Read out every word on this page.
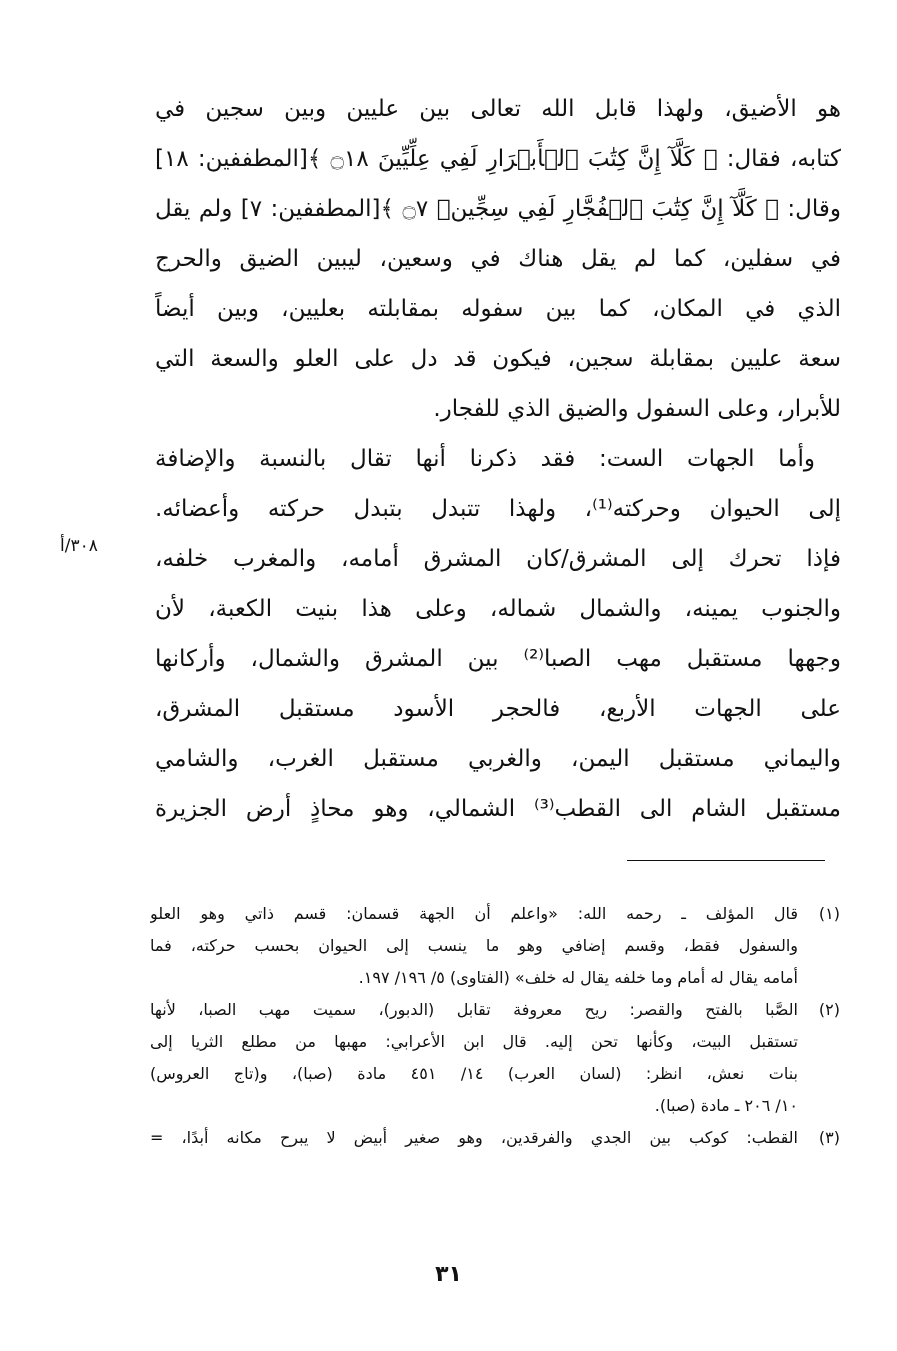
هو الأضيق، ولهذا قابل الله تعالى بين عليين وبين سجين في
كتابه، فقال: ﴿ كَلَّآ إِنَّ كِتَٰبَ ٱلۡأَبۡرَارِ لَفِي عِلِّيِّينَ ۝١٨ ﴾[المطففين: ١٨]
وقال: ﴿ كَلَّآ إِنَّ كِتَٰبَ ٱلۡفُجَّارِ لَفِي سِجِّينٖ ۝٧ ﴾[المطففين: ٧] ولم يقل
في سفلين، كما لم يقل هناك في وسعين، ليبين الضيق والحرج
الذي في المكان، كما بين سفوله بمقابلته بعليين، وبين أيضاً
سعة عليين بمقابلة سجين، فيكون قد دل على العلو والسعة التي
للأبرار، وعلى السفول والضيق الذي للفجار.
وأما الجهات الست: فقد ذكرنا أنها تقال بالنسبة والإضافة
إلى الحيوان وحركته⁽¹⁾، ولهذا تتبدل بتبدل حركته وأعضائه.
فإذا تحرك إلى المشرق/كان المشرق أمامه، والمغرب خلفه،
والجنوب يمينه، والشمال شماله، وعلى هذا بنيت الكعبة، لأن
وجهها مستقبل مهب الصبا⁽²⁾ بين المشرق والشمال، وأركانها
على الجهات الأربع، فالحجر الأسود مستقبل المشرق،
واليماني مستقبل اليمن، والغربي مستقبل الغرب، والشامي
مستقبل الشام الى القطب⁽³⁾ الشمالي، وهو محاذٍ أرض الجزيرة
٣٠٨/أ
(١)
قال المؤلف ـ رحمه الله: «واعلم أن الجهة قسمان: قسم ذاتي وهو العلو
والسفول فقط، وقسم إضافي وهو ما ينسب إلى الحيوان بحسب حركته، فما
أمامه يقال له أمام وما خلفه يقال له خلف» (الفتاوى) ٥/ ١٩٦/ ١٩٧.
(٢)
الصَّبا بالفتح والقصر: ريح معروفة تقابل (الدبور)، سميت مهب الصبا، لأنها
تستقبل البيت، وكأنها تحن إليه. قال ابن الأعرابي: مهبها من مطلع الثريا إلى
بنات نعش، انظر: (لسان العرب) ١٤/ ٤٥١ مادة (صبا)، و(تاج العروس)
١٠/ ٢٠٦ ـ مادة (صبا).
(٣)
القطب: كوكب بين الجدي والفرقدين، وهو صغير أبيض لا يبرح مكانه أبدًا، =
٣١
